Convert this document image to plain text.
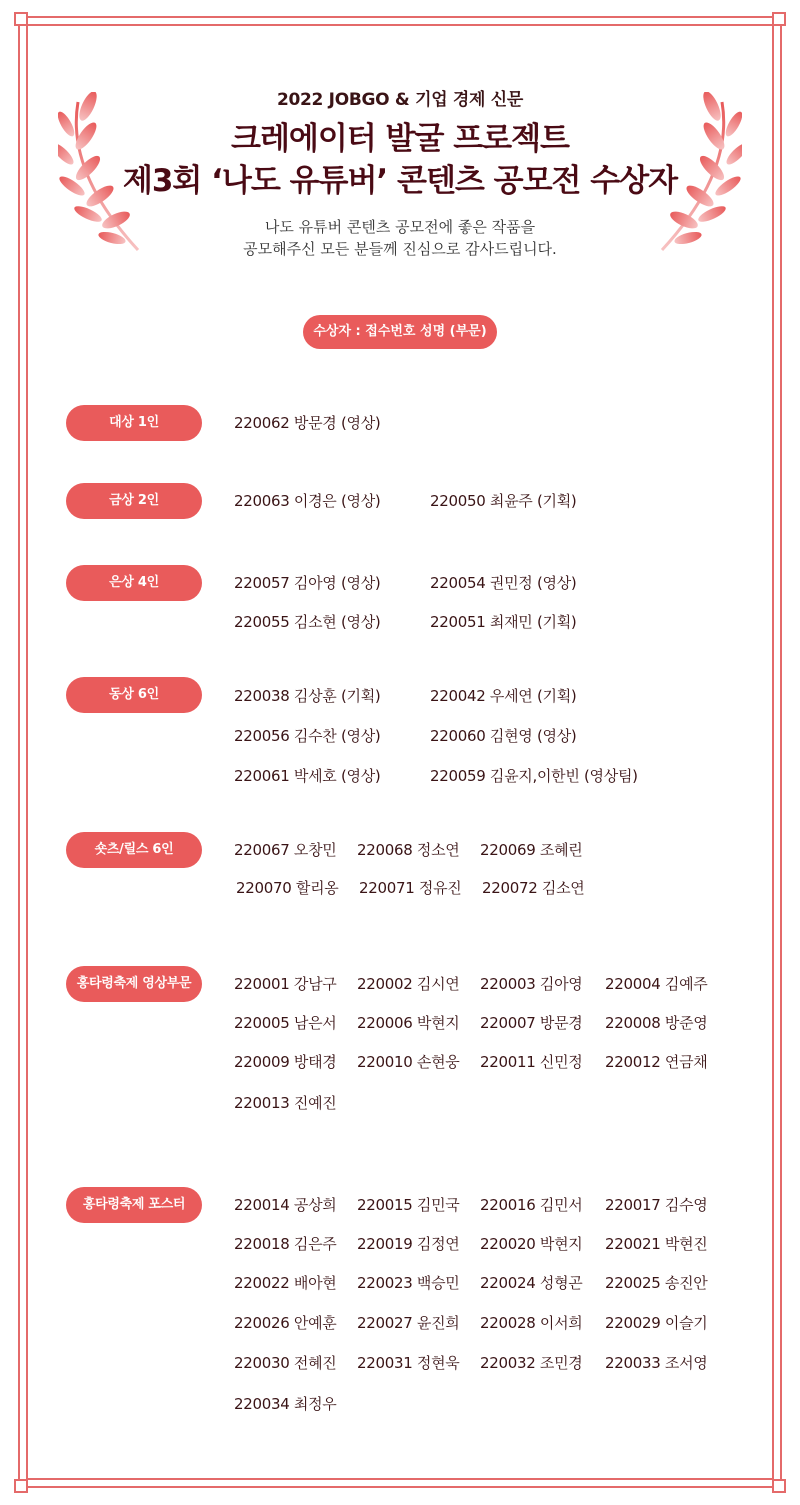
2022 JOBGO & 기업 경제 신문
크레에이터 발굴 프로젝트
제3회 ‘나도 유튜버’ 콘텐츠 공모전 수상자
나도 유튜버 콘텐츠 공모전에 좋은 작품을
공모해주신 모든 분들께 진심으로 감사드립니다.
수상자 : 접수번호 성명 (부문)
대상 1인	220062 방문경 (영상)
금상 2인	220063 이경은 (영상)	220050 최윤주 (기획)
은상 4인	220057 김아영 (영상)	220054 권민정 (영상)
220055 김소현 (영상)	220051 최재민 (기획)
동상 6인	220038 김상훈 (기획)	220042 우세연 (기획)
220056 김수찬 (영상)	220060 김현영 (영상)
220061 박세호 (영상)	220059 김윤지,이한빈 (영상팀)
숏츠/릴스 6인	220067 오창민 220068 정소연 220069 조혜린
220070 할리옹 220071 정유진 220072 김소연
홍타령축제 영상부문	220001 강남구 220002 김시연 220003 김아영 220004 김예주
220005 남은서 220006 박현지 220007 방문경 220008 방준영
220009 방태경 220010 손현웅 220011 신민정 220012 연금채
220013 진예진
홍타령축제 포스터	220014 공상희 220015 김민국 220016 김민서 220017 김수영
220018 김은주 220019 김정연 220020 박현지 220021 박현진
220022 배아현 220023 백승민 220024 성형곤 220025 송진안
220026 안예훈 220027 윤진희 220028 이서희 220029 이슬기
220030 전혜진 220031 정현욱 220032 조민경 220033 조서영
220034 최정우
